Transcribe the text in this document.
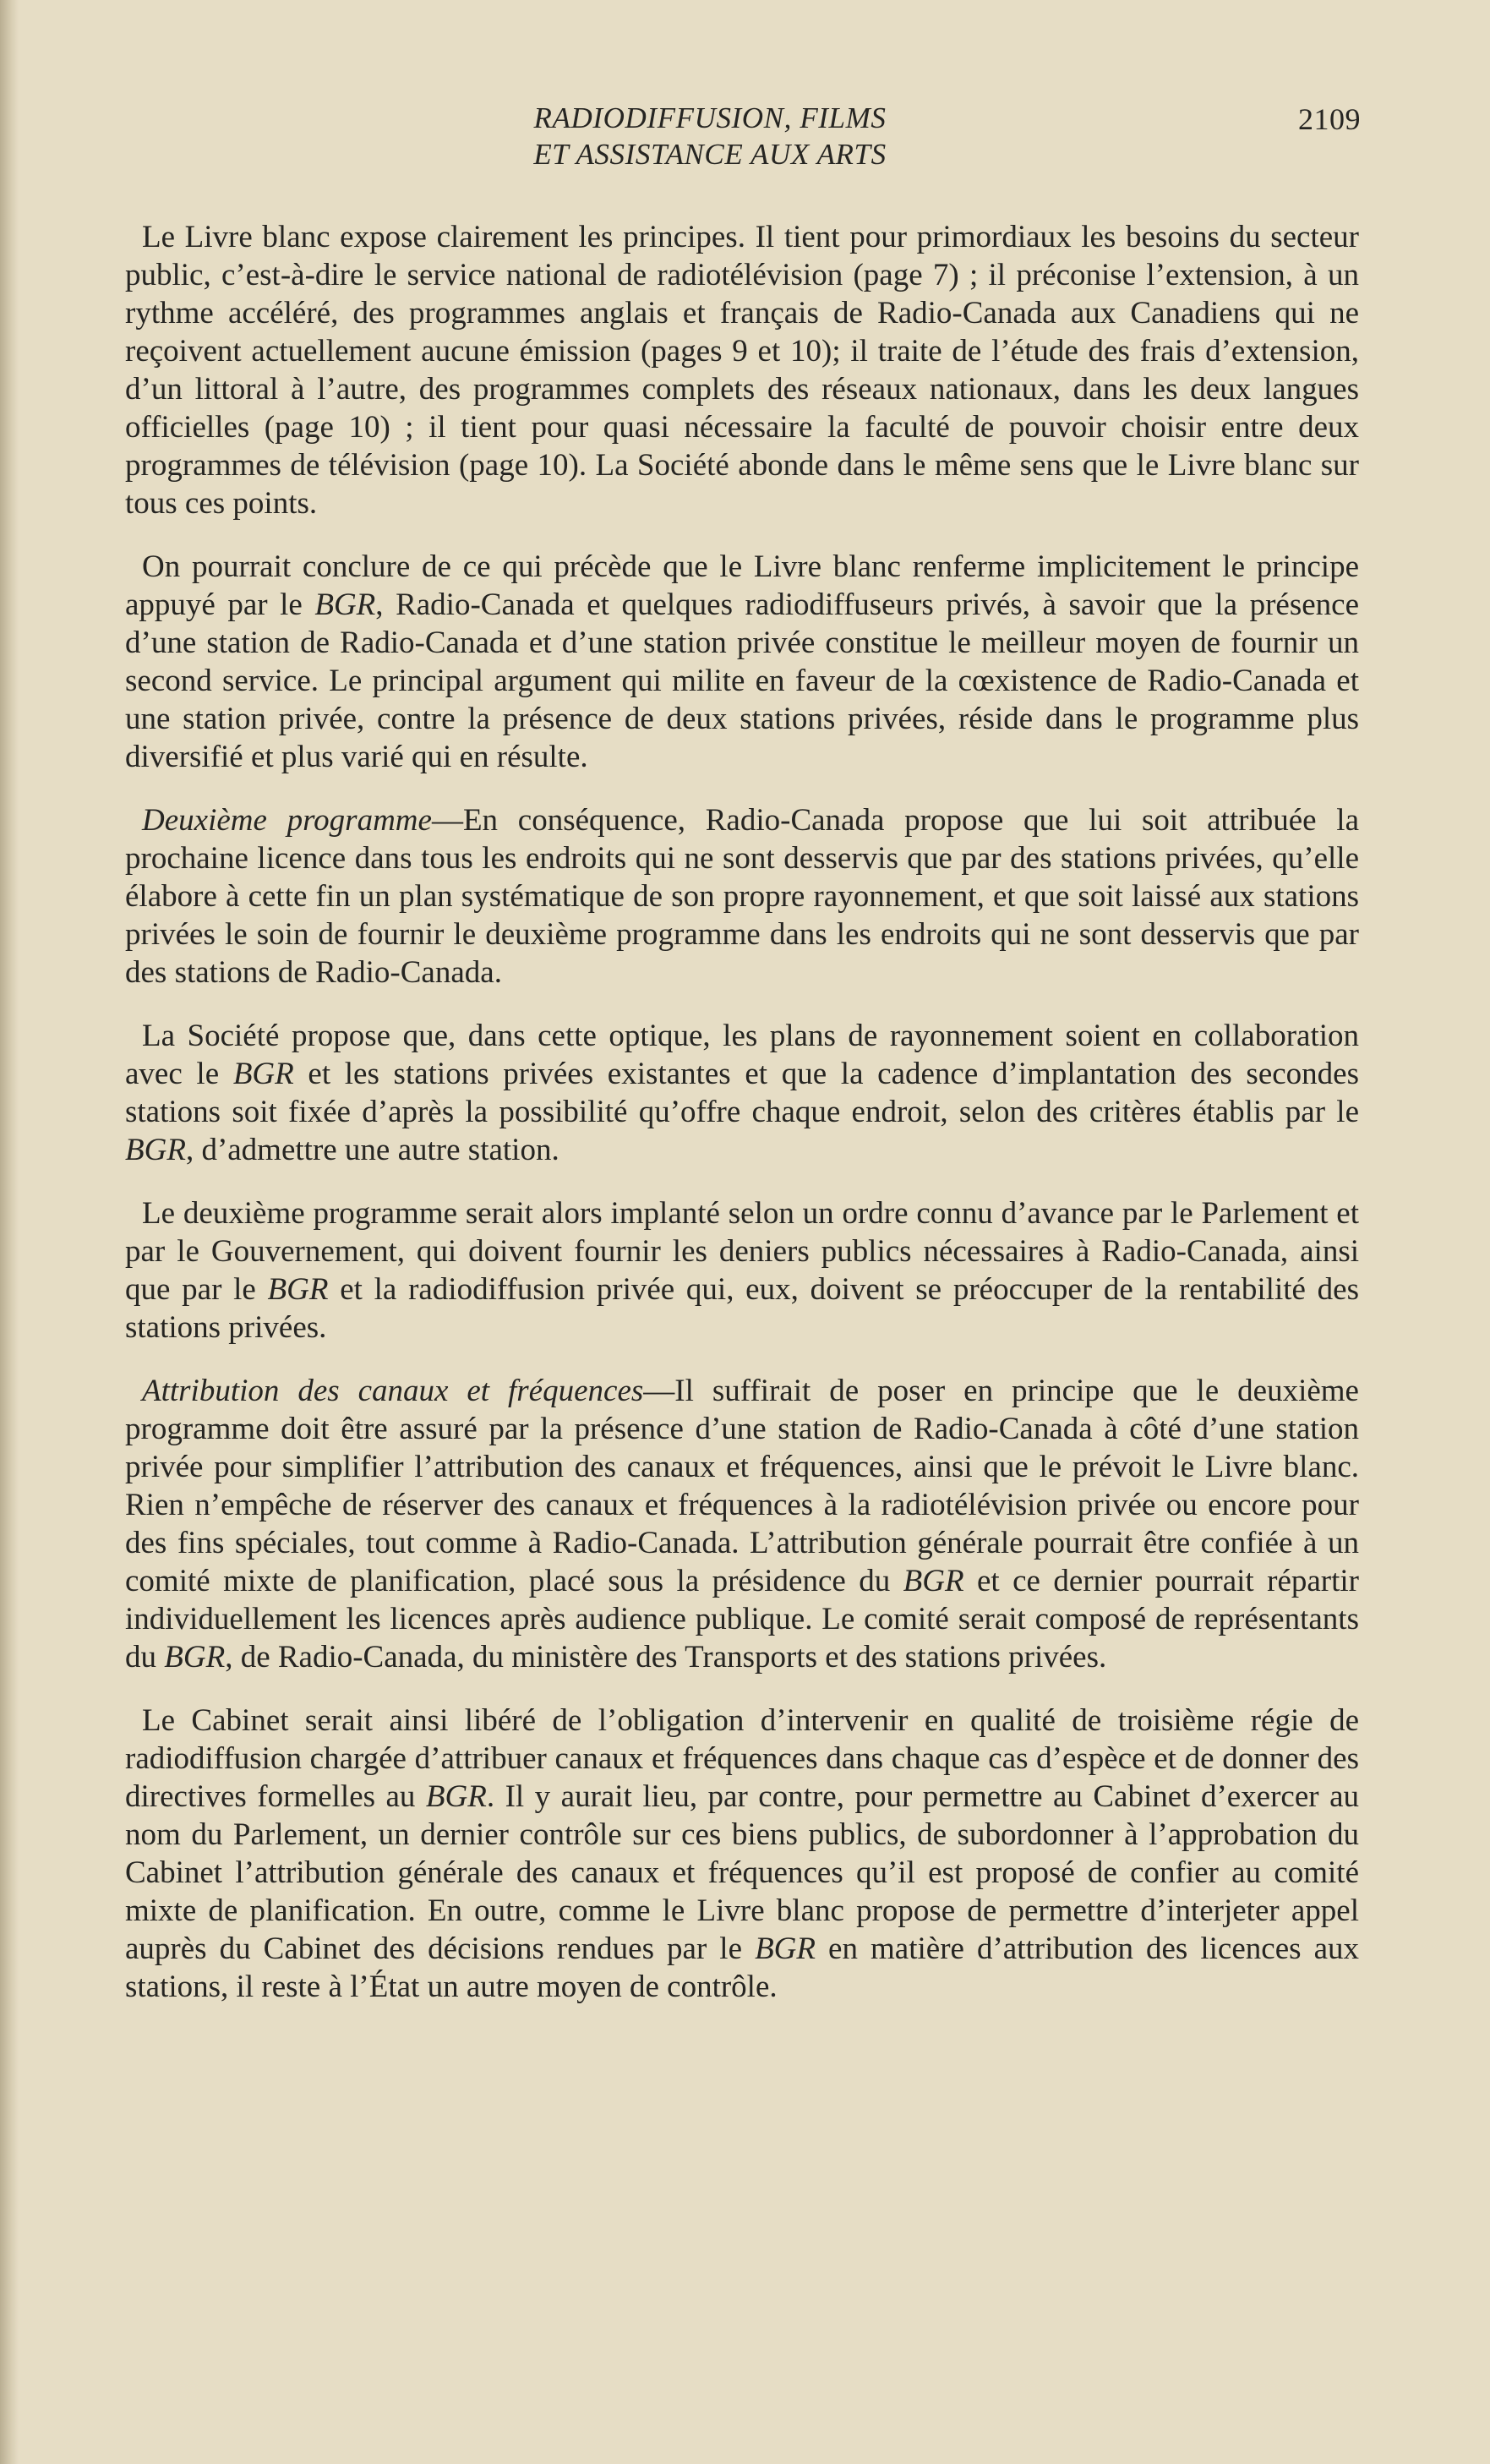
RADIODIFFUSION, FILMS
ET ASSISTANCE AUX ARTS
2109

Le Livre blanc expose clairement les principes. Il tient pour primordiaux les besoins du secteur public, c’est-à-dire le service national de radiotélévision (page 7) ; il préconise l’extension, à un rythme accéléré, des programmes anglais et français de Radio-Canada aux Canadiens qui ne reçoivent actuellement aucune émission (pages 9 et 10); il traite de l’étude des frais d’extension, d’un littoral à l’autre, des programmes complets des réseaux nationaux, dans les deux langues officielles (page 10) ; il tient pour quasi nécessaire la faculté de pouvoir choisir entre deux programmes de télévision (page 10). La Société abonde dans le même sens que le Livre blanc sur tous ces points.

On pourrait conclure de ce qui précède que le Livre blanc renferme implicitement le principe appuyé par le BGR, Radio-Canada et quelques radiodiffuseurs privés, à savoir que la présence d’une station de Radio-Canada et d’une station privée constitue le meilleur moyen de fournir un second service. Le principal argument qui milite en faveur de la cœxistence de Radio-Canada et une station privée, contre la présence de deux stations privées, réside dans le programme plus diversifié et plus varié qui en résulte.

Deuxième programme—En conséquence, Radio-Canada propose que lui soit attribuée la prochaine licence dans tous les endroits qui ne sont desservis que par des stations privées, qu’elle élabore à cette fin un plan systématique de son propre rayonnement, et que soit laissé aux stations privées le soin de fournir le deuxième programme dans les endroits qui ne sont desservis que par des stations de Radio-Canada.

La Société propose que, dans cette optique, les plans de rayonnement soient en collaboration avec le BGR et les stations privées existantes et que la cadence d’implantation des secondes stations soit fixée d’après la possibilité qu’offre chaque endroit, selon des critères établis par le BGR, d’admettre une autre station.

Le deuxième programme serait alors implanté selon un ordre connu d’avance par le Parlement et par le Gouvernement, qui doivent fournir les deniers publics nécessaires à Radio-Canada, ainsi que par le BGR et la radiodiffusion privée qui, eux, doivent se préoccuper de la rentabilité des stations privées.

Attribution des canaux et fréquences—Il suffirait de poser en principe que le deuxième programme doit être assuré par la présence d’une station de Radio-Canada à côté d’une station privée pour simplifier l’attribution des canaux et fréquences, ainsi que le prévoit le Livre blanc. Rien n’empêche de réserver des canaux et fréquences à la radiotélévision privée ou encore pour des fins spéciales, tout comme à Radio-Canada. L’attribution générale pourrait être confiée à un comité mixte de planification, placé sous la présidence du BGR et ce dernier pourrait répartir individuellement les licences après audience publique. Le comité serait composé de représentants du BGR, de Radio-Canada, du ministère des Transports et des stations privées.

Le Cabinet serait ainsi libéré de l’obligation d’intervenir en qualité de troisième régie de radiodiffusion chargée d’attribuer canaux et fréquences dans chaque cas d’espèce et de donner des directives formelles au BGR. Il y aurait lieu, par contre, pour permettre au Cabinet d’exercer au nom du Parlement, un dernier contrôle sur ces biens publics, de subordonner à l’approbation du Cabinet l’attribution générale des canaux et fréquences qu’il est proposé de confier au comité mixte de planification. En outre, comme le Livre blanc propose de permettre d’interjeter appel auprès du Cabinet des décisions rendues par le BGR en matière d’attribution des licences aux stations, il reste à l’État un autre moyen de contrôle.
